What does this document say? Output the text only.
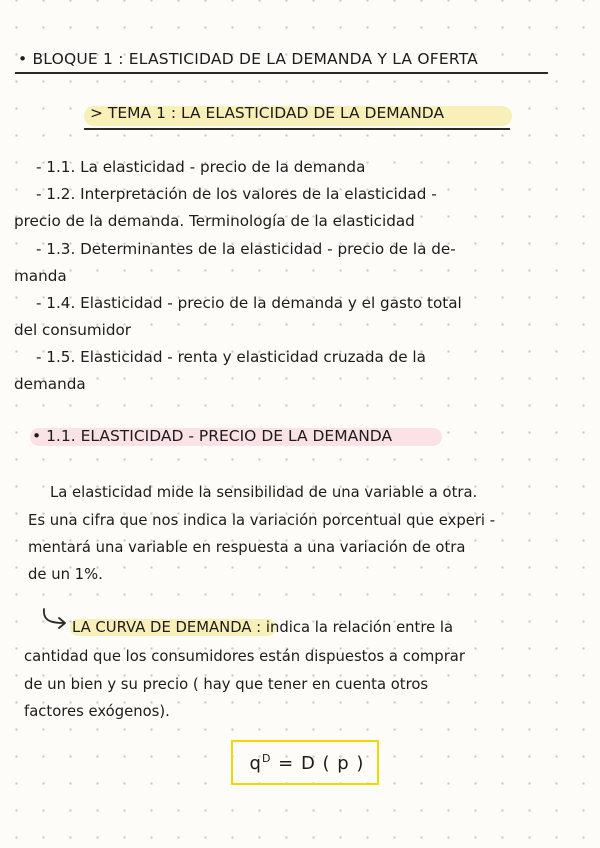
• BLOQUE 1 : ELASTICIDAD DE LA DEMANDA Y LA OFERTA
> TEMA 1 : LA ELASTICIDAD DE LA DEMANDA
- 1.1. La elasticidad - precio de la demanda
- 1.2. Interpretación de los valores de la elasticidad -
precio de la demanda. Terminología de la elasticidad
- 1.3. Determinantes de la elasticidad - precio de la de-
manda
- 1.4. Elasticidad - precio de la demanda y el gasto total
del consumidor
- 1.5. Elasticidad - renta y elasticidad cruzada de la
demanda
• 1.1. ELASTICIDAD - PRECIO DE LA DEMANDA
La elasticidad mide la sensibilidad de una variable a otra.
Es una cifra que nos indica la variación porcentual que experi -
mentará una variable en respuesta a una variación de otra
de un 1%.
LA CURVA DE DEMANDA : indica la relación entre la
cantidad que los consumidores están dispuestos a comprar
de un bien y su precio ( hay que tener en cuenta otros
factores exógenos).
$q^D = D$ ( p )
